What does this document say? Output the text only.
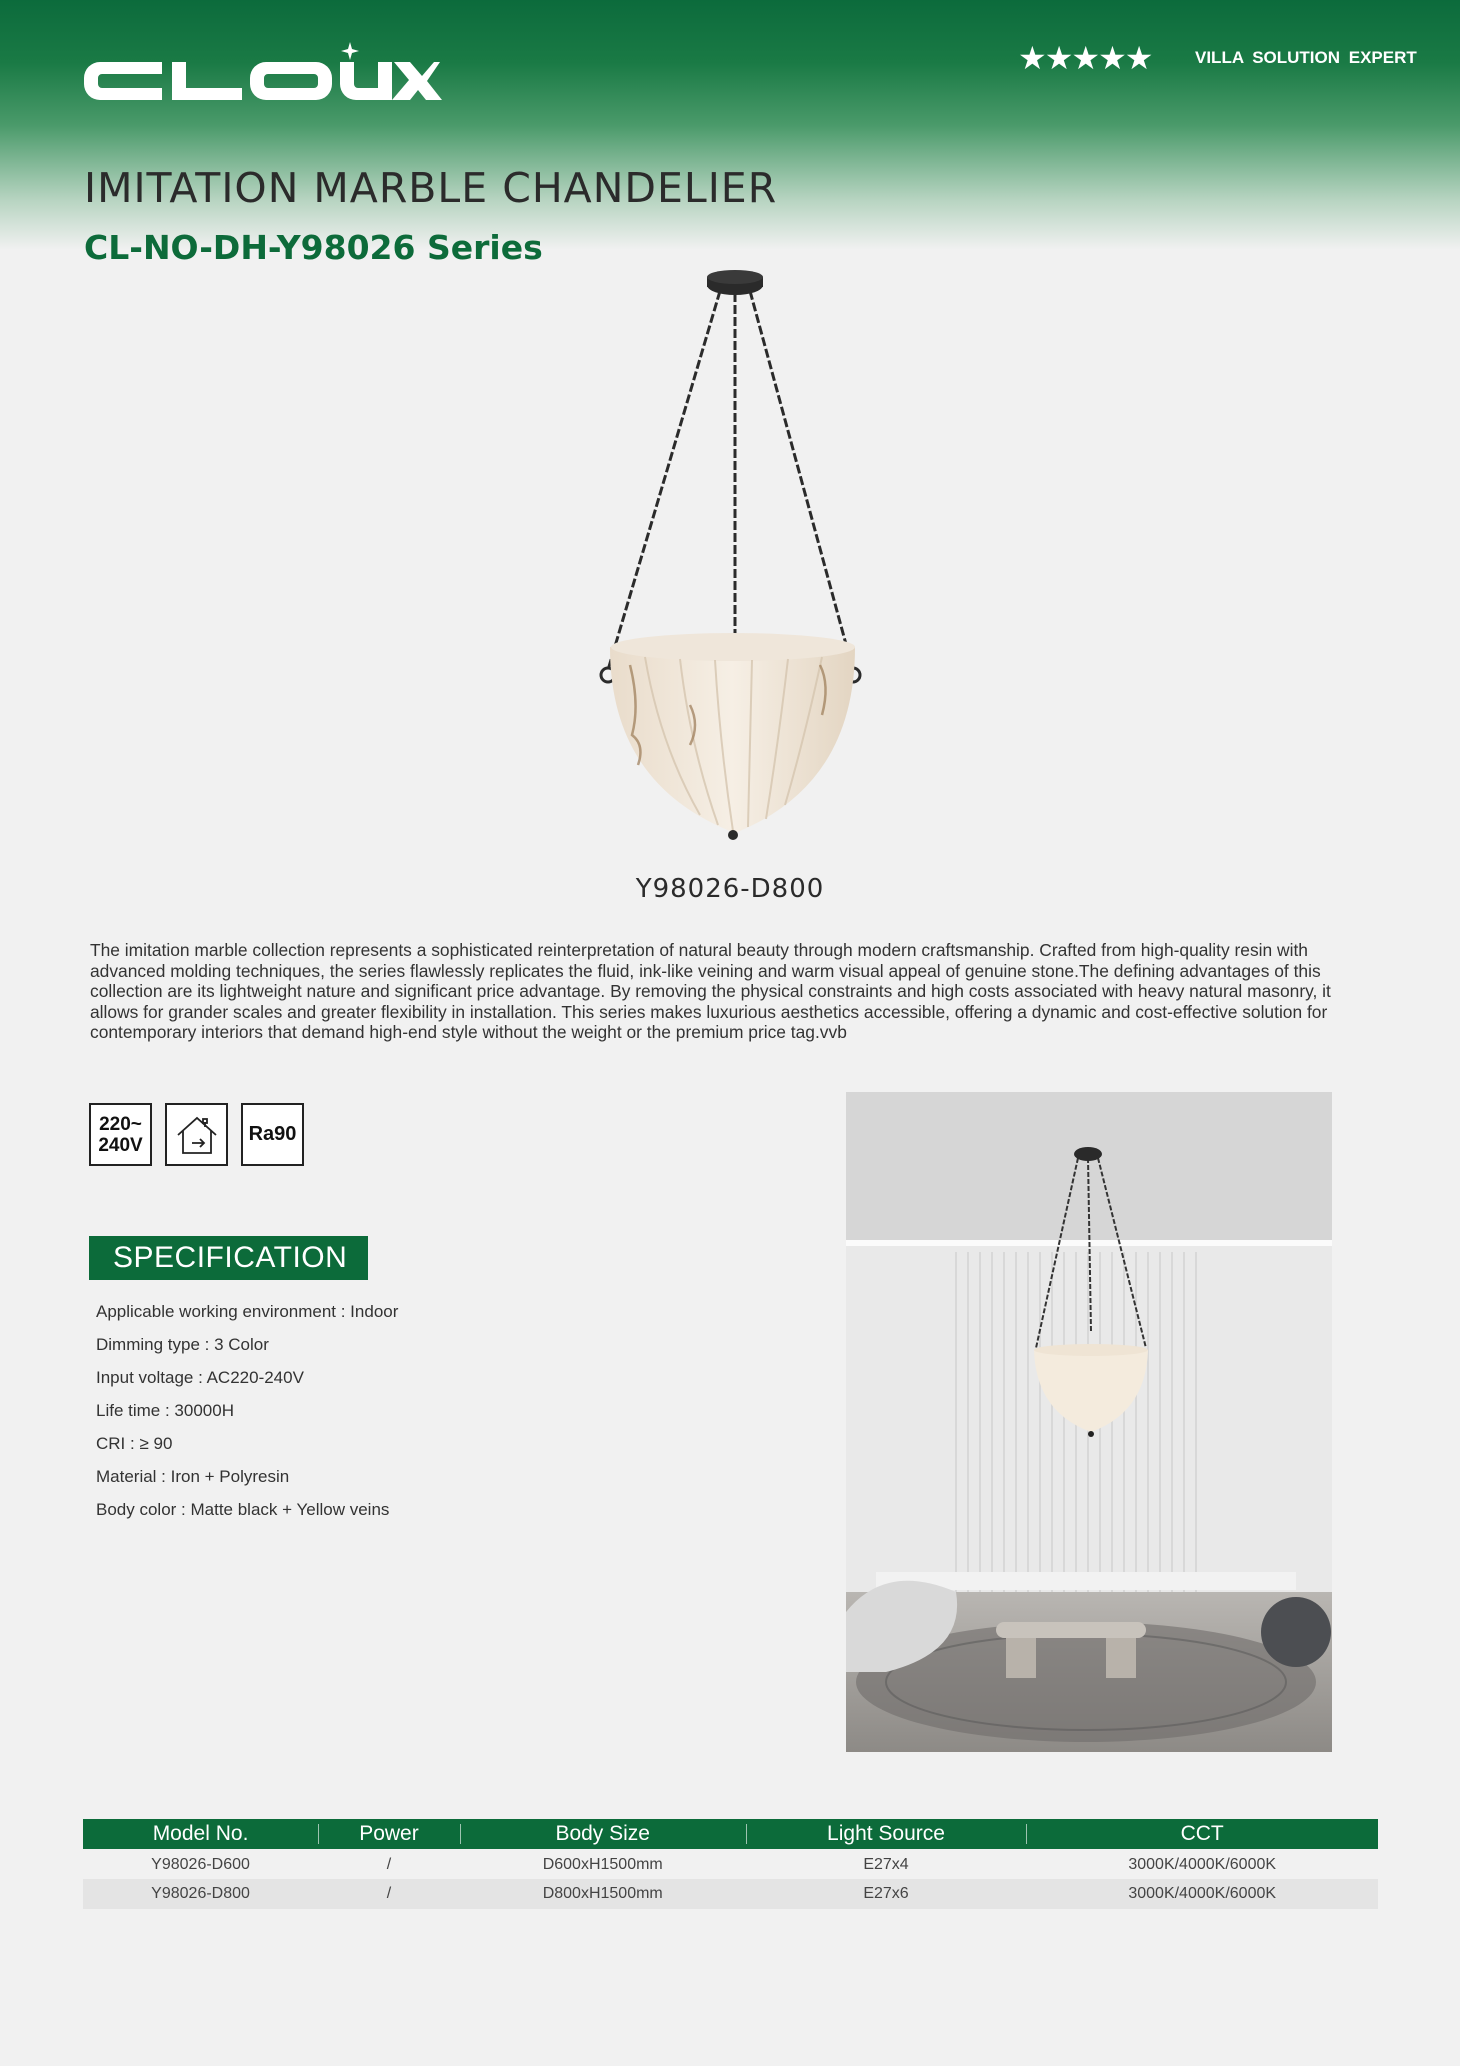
★★★★★	VILLA SOLUTION EXPERT
IMITATION MARBLE CHANDELIER
CL-NO-DH-Y98026 Series
Y98026-D800

The imitation marble collection represents a sophisticated reinterpretation of natural beauty through modern craftsmanship. Crafted from high-quality resin with advanced molding techniques, the series flawlessly replicates the fluid, ink-like veining and warm visual appeal of genuine stone.The defining advantages of this collection are its lightweight nature and significant price advantage. By removing the physical constraints and high costs associated with heavy natural masonry, it allows for grander scales and greater flexibility in installation. This series makes luxurious aesthetics accessible, offering a dynamic and cost-effective solution for contemporary interiors that demand high-end style without the weight or the premium price tag.vvb

220~
240V	Ra90
SPECIFICATION
Applicable working environment : Indoor
Dimming type : 3 Color
Input voltage : AC220-240V
Life time : 30000H
CRI : ≥ 90
Material : Iron + Polyresin
Body color : Matte black + Yellow veins
Model No.	Power	Body Size	Light Source	CCT
Y98026-D600	/	D600xH1500mm	E27x4	3000K/4000K/6000K
Y98026-D800	/	D800xH1500mm	E27x6	3000K/4000K/6000K
